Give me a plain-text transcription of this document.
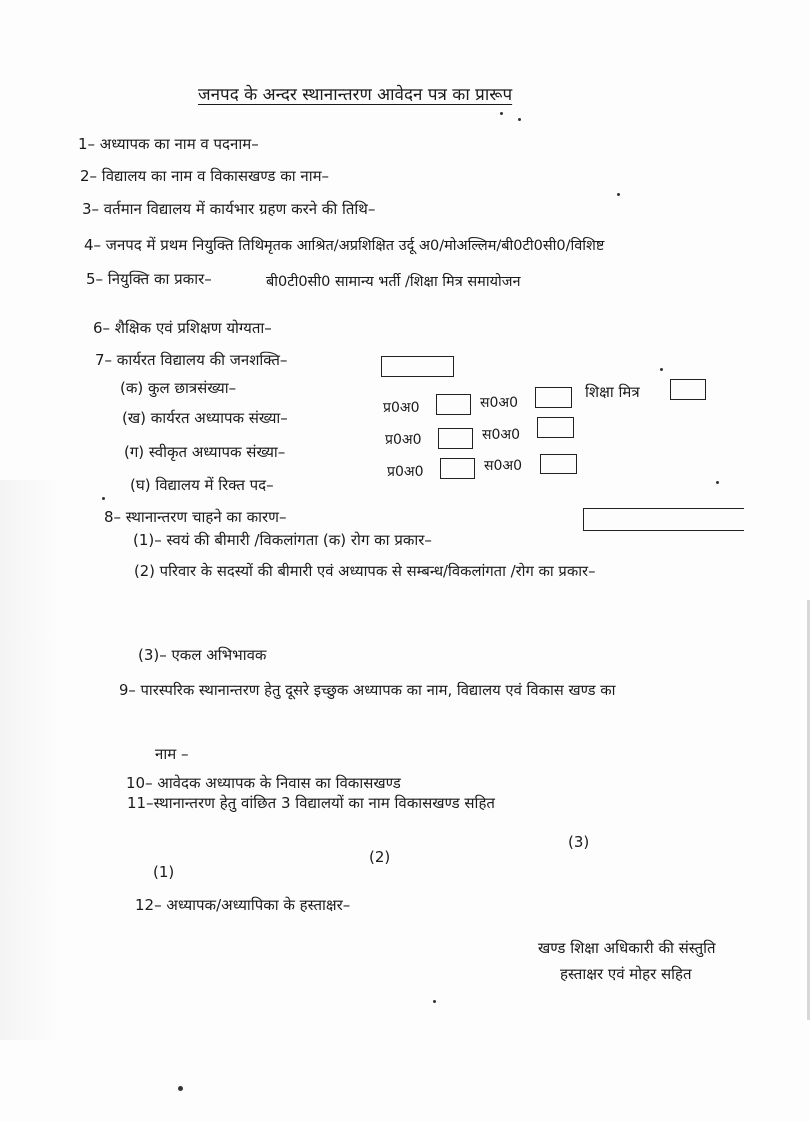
जनपद के अन्दर स्थानान्तरण आवेदन पत्र का प्रारूप
1– अध्यापक का नाम व पदनाम–
2– विद्यालय का नाम व विकासखण्ड का नाम–
3– वर्तमान विद्यालय में कार्यभार ग्रहण करने की तिथि–
4– जनपद में प्रथम नियुक्ति तिथि–
5– नियुक्ति का प्रकार–
मृतक आश्रित/अप्रशिक्षित उर्दू अ0/मोअल्लिम/बी0टी0सी0/विशिष्ट
बी0टी0सी0 सामान्य भर्ती /शिक्षा मित्र समायोजन
6– शैक्षिक एवं प्रशिक्षण योग्यता–
7– कार्यरत विद्यालय की जनशक्ति–
(क) कुल छात्रसंख्या–
(ख) कार्यरत अध्यापक संख्या–
प्र0अ0	स0अ0
शिक्षा मित्र
(ग) स्वीकृत अध्यापक संख्या–
प्र0अ0	स0अ0
(घ) विद्यालय में रिक्त पद–
प्र0अ0	स0अ0
8– स्थानान्तरण चाहने का कारण–
(1)– स्वयं की बीमारी /विकलांगता (क) रोग का प्रकार–
(2) परिवार के सदस्यों की बीमारी एवं अध्यापक से सम्बन्ध/विकलांगता /रोग का प्रकार–
(3)– एकल अभिभावक
9– पारस्परिक स्थानान्तरण हेतु दूसरे इच्छुक अध्यापक का नाम, विद्यालय एवं विकास खण्ड का
नाम –
10– आवेदक अध्यापक के निवास का विकासखण्ड
11–स्थानान्तरण हेतु वांछित 3 विद्यालयों का नाम विकासखण्ड सहित
(1)
(2)
(3)
12– अध्यापक/अध्यापिका के हस्ताक्षर–
खण्ड शिक्षा अधिकारी की संस्तुति
हस्ताक्षर एवं मोहर सहित
